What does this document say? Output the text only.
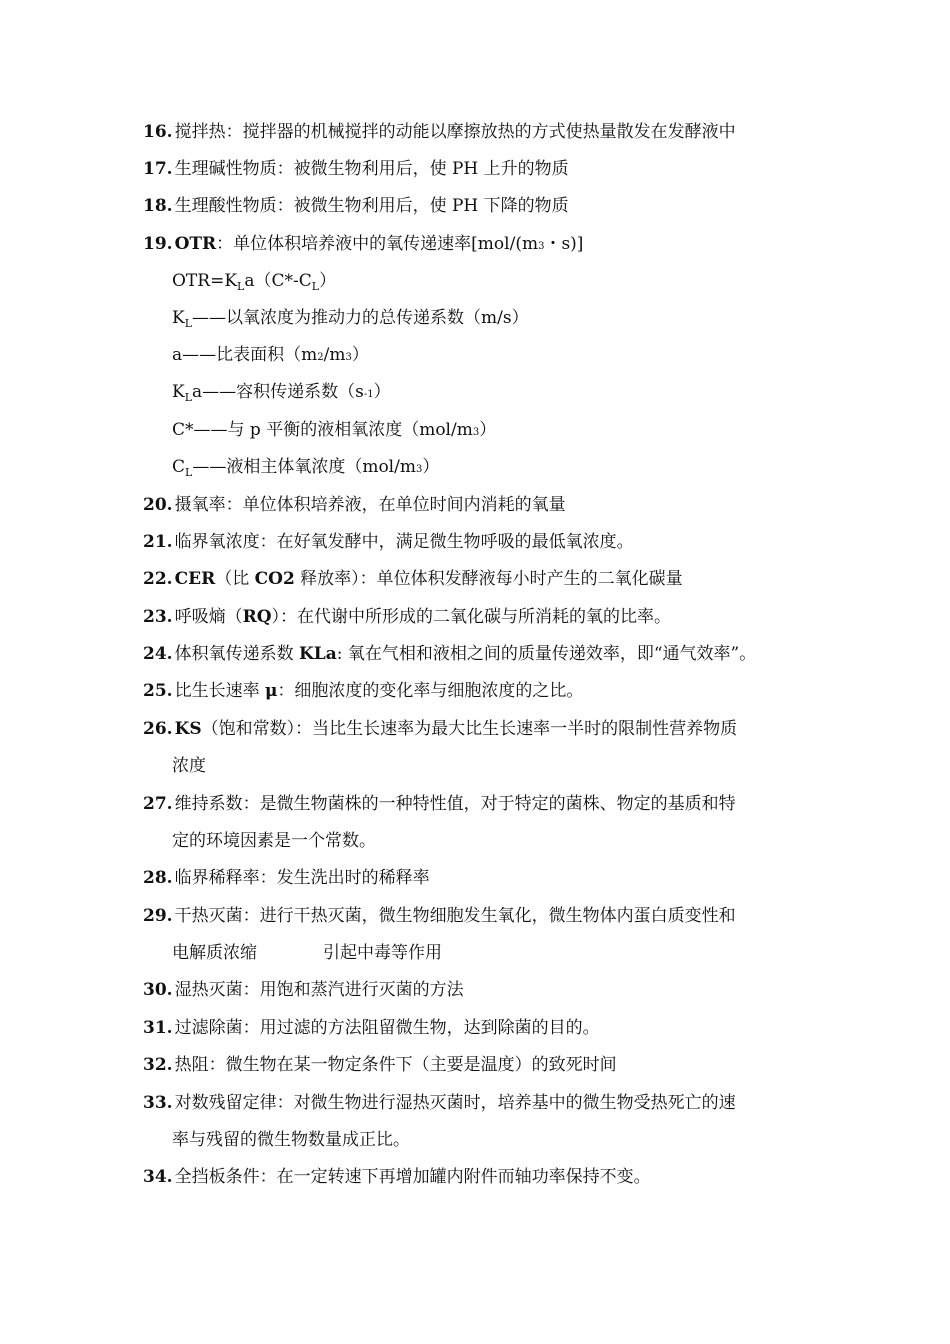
16. 搅拌热：搅拌器的机械搅拌的动能以摩擦放热的方式使热量散发在发酵液中
17. 生理碱性物质：被微生物利用后，使 PH 上升的物质
18. 生理酸性物质：被微生物利用后，使 PH 下降的物质
19. OTR：单位体积培养液中的氧传递速率[mol/(m3・s)]
$OTR=K_La(C*-C_L)$
$K_L——$以氧浓度为推动力的总传递系数（m/s）
a——比表面积（m2/m3）
$K_La——$容积传递系数（s-1）
C*——与 p 平衡的液相氧浓度（mol/m3）
$C_L——$液相主体氧浓度（mol/m3）
20. 摄氧率：单位体积培养液，在单位时间内消耗的氧量
21. 临界氧浓度：在好氧发酵中，满足微生物呼吸的最低氧浓度。
22. CER（比 CO2 释放率）：单位体积发酵液每小时产生的二氧化碳量
23. 呼吸熵（RQ）：在代谢中所形成的二氧化碳与所消耗的氧的比率。
24. 体积氧传递系数 KLa: 氧在气相和液相之间的质量传递效率，即“通气效率”。
25. 比生长速率 μ：细胞浓度的变化率与细胞浓度的之比。
26. KS（饱和常数）：当比生长速率为最大比生长速率一半时的限制性营养物质
浓度
27. 维持系数：是微生物菌株的一种特性值，对于特定的菌株、物定的基质和特
定的环境因素是一个常数。
28. 临界稀释率：发生洗出时的稀释率
29. 干热灭菌：进行干热灭菌，微生物细胞发生氧化，微生物体内蛋白质变性和
电解质浓缩	引起中毒等作用
30. 湿热灭菌：用饱和蒸汽进行灭菌的方法
31. 过滤除菌：用过滤的方法阻留微生物，达到除菌的目的。
32. 热阻：微生物在某一物定条件下（主要是温度）的致死时间
33. 对数残留定律：对微生物进行湿热灭菌时，培养基中的微生物受热死亡的速
率与残留的微生物数量成正比。
34. 全挡板条件：在一定转速下再增加罐内附件而轴功率保持不变。
